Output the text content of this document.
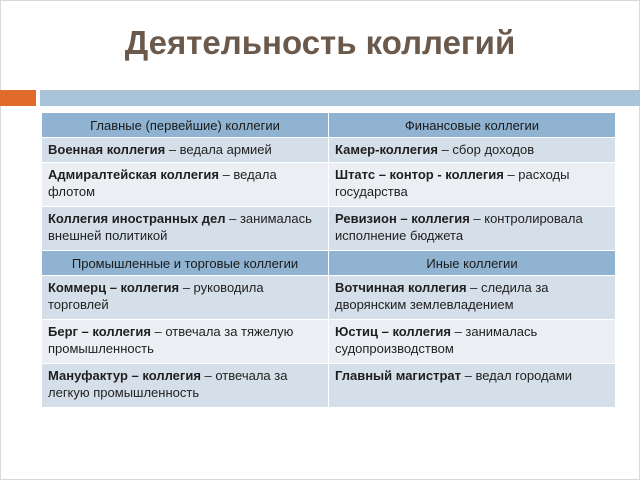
Деятельность коллегий
Главные (первейшие) коллегии	Финансовые коллегии
Военная коллегия – ведала армией	Камер-коллегия – сбор доходов
Адмиралтейская коллегия – ведала флотом	Штатс – контор - коллегия – расходы государства
Коллегия иностранных дел – занималась внешней политикой	Ревизион – коллегия – контролировала исполнение бюджета
Промышленные и торговые коллегии	Иные коллегии
Коммерц – коллегия – руководила торговлей	Вотчинная коллегия – следила за дворянским землевладением
Берг – коллегия – отвечала за тяжелую промышленность	Юстиц – коллегия – занималась судопроизводством
Мануфактур – коллегия – отвечала за легкую промышленность	Главный магистрат – ведал городами
